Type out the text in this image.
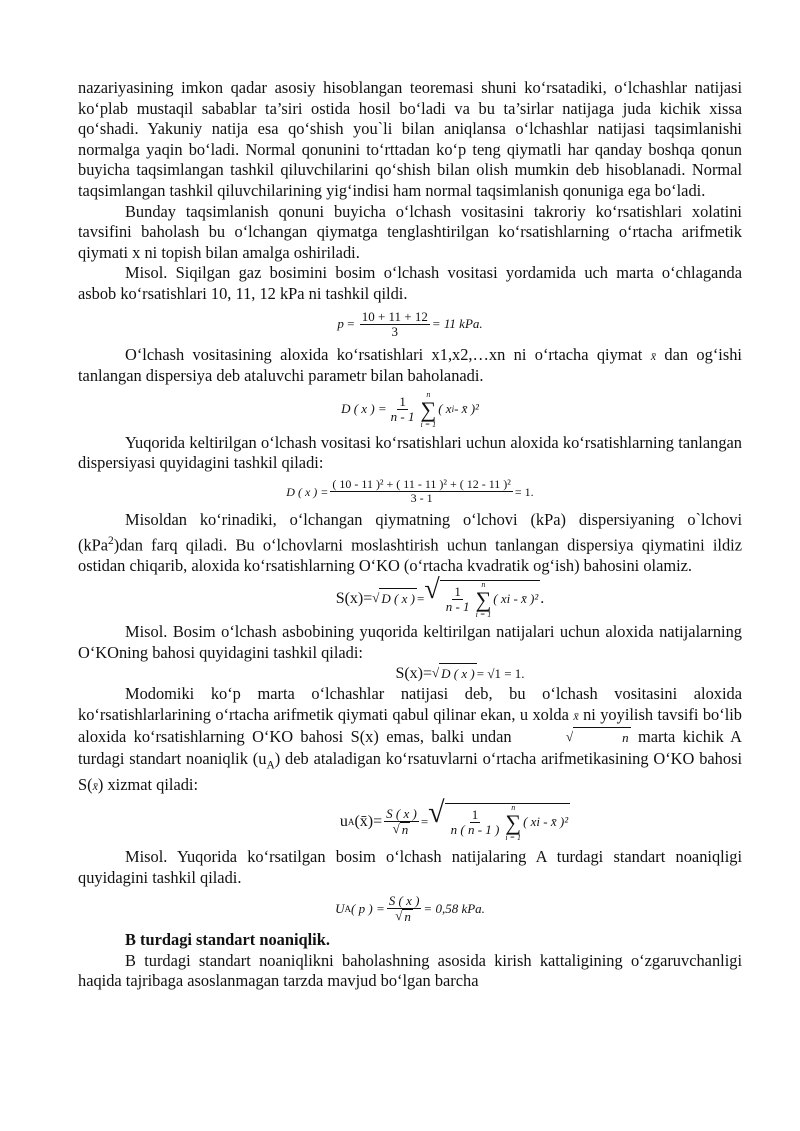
nazariyasining imkon qadar asosiy hisoblangan teoremasi shuni ko‘rsatadiki, o‘lchashlar natijasi ko‘plab mustaqil sabablar ta’siri ostida hosil bo‘ladi va bu ta’sirlar natijaga juda kichik xissa qo‘shadi. Yakuniy natija esa qo‘shish you`li bilan aniqlansa o‘lchashlar natijasi taqsimlanishi normalga yaqin bo‘ladi. Normal qonunini to‘rttadan ko‘p teng qiymatli har qanday boshqa qonun buyicha taqsimlangan tashkil qiluvchilarini qo‘shish bilan olish mumkin deb hisoblanadi. Normal taqsimlangan tashkil qiluvchilarining yig‘indisi ham normal taqsimlanish qonuniga ega bo‘ladi.

Bunday taqsimlanish qonuni buyicha o‘lchash vositasini takroriy ko‘rsatishlari xolatini tavsifini baholash bu o‘lchangan qiymatga tenglashtirilgan ko‘rsatishlarning o‘rtacha arifmetik qiymati x ni topish bilan amalga oshiriladi.

Misol. Siqilgan gaz bosimini bosim o‘lchash vositasi yordamida uch marta o‘chlaganda asbob ko‘rsatishlari 10, 11, 12 kPa ni tashkil qildi.

$p = \frac{10 + 11 + 12}{3} = 11$ kPa.

O‘lchash vositasining aloxida ko‘rsatishlari x1,x2,…xn ni o‘rtacha qiymat x̄ dan og‘ishi tanlangan dispersiya deb ataluvchi parametr bilan baholanadi.

D ( x ) = $\frac{1}{n - 1}$
n
∑
i = 1
( x i - x̄ )²

Yuqorida keltirilgan o‘lchash vositasi ko‘rsatishlari uchun aloxida ko‘rsatishlarning tanlangan dispersiyasi quyidagini tashkil qiladi:

D ( x ) = $\frac{\text{( 10 - 11 )² + ( 11 - 11 )² + ( 12 - 11 )²}}{3 - 1} = 1$.

Misoldan ko‘rinadiki, o‘lchangan qiymatning o‘lchovi (kPa) dispersiyaning o`lchovi (kPa$^2$)dan farq qiladi. Bu o‘lchovlarni moslashtirish uchun tanlangan dispersiya qiymatini ildiz ostidan chiqarib, aloxida ko‘rsatishlarning O‘KO (o‘rtacha kvadratik og‘ish) bahosini olamiz.

S(x)= √ D ( x ) = √ $\frac{1}{n - 1}$
n
∑
i = 1
( xi - x̄ )² .

Misol. Bosim o‘lchash asbobining yuqorida keltirilgan natijalari uchun aloxida natijalarning O‘KOning bahosi quyidagini tashkil qiladi:

S(x)= √ D ( x ) = √1 = 1.

Modomiki ko‘p marta o‘lchashlar natijasi deb, bu o‘lchash vositasini aloxida ko‘rsatishlarlarining o‘rtacha arifmetik qiymati qabul qilinar ekan, u xolda x̄ ni yoyilish tavsifi bo‘lib aloxida ko‘rsatishlarning O‘KO bahosi S(x) emas, balki undan	√	n marta kichik A turdagi standart noaniqlik $(u_A)$ deb ataladigan ko‘rsatuvlarni o‘rtacha arifmetikasining O‘KO bahosi S(x̄) xizmat qiladi:

u A (x̄)= $\frac{S ( x )}{√ n}$ = √ $\frac{1}{n ( n - 1 )}$
n
∑
i = 1
( xi - x̄ )²

Misol. Yuqorida ko‘rsatilgan bosim o‘lchash natijalaring A turdagi standart noaniqligi quyidagini tashkil qiladi.

U A ( p ) = $\frac{S ( x )}{√ n} = 0,58$ kPa.

B turdagi standart noaniqlik.

B turdagi standart noaniqlikni baholashning asosida kirish kattaligining o‘zgaruvchanligi haqida tajribaga asoslanmagan tarzda mavjud bo‘lgan barcha
